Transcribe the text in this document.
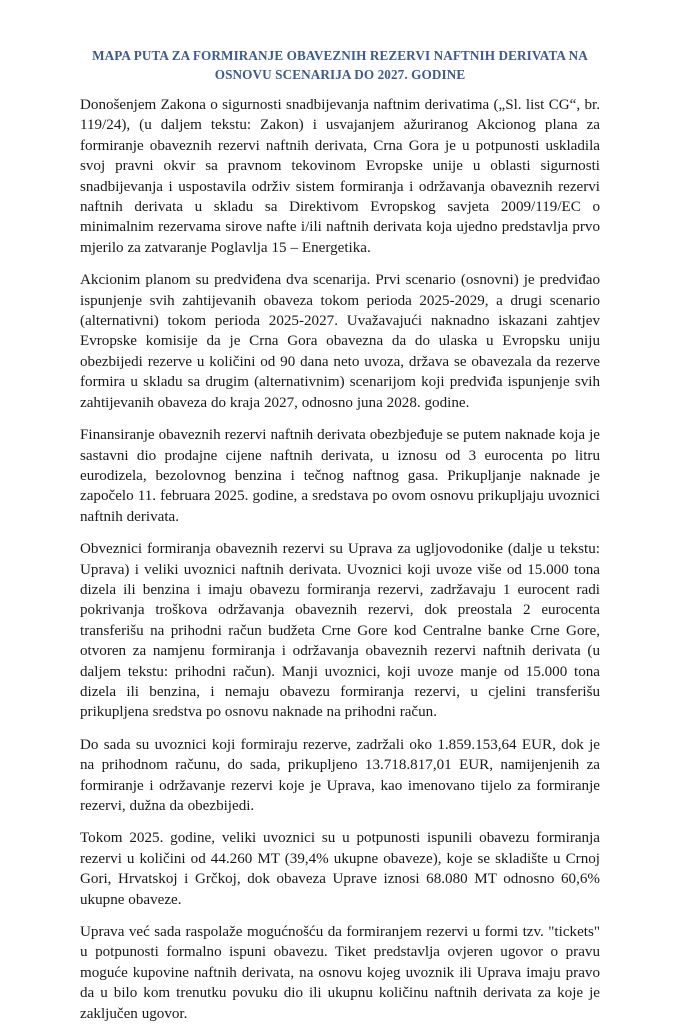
MAPA PUTA ZA FORMIRANJE OBAVEZNIH REZERVI NAFTNIH DERIVATA NA OSNOVU SCENARIJA DO 2027. GODINE

Donošenjem Zakona o sigurnosti snadbijevanja naftnim derivatima („Sl. list CG“, br. 119/24), (u daljem tekstu: Zakon) i usvajanjem ažuriranog Akcionog plana za formiranje obaveznih rezervi naftnih derivata, Crna Gora je u potpunosti uskladila svoj pravni okvir sa pravnom tekovinom Evropske unije u oblasti sigurnosti snadbijevanja i uspostavila održiv sistem formiranja i održavanja obaveznih rezervi naftnih derivata u skladu sa Direktivom Evropskog savjeta 2009/119/EC o minimalnim rezervama sirove nafte i/ili naftnih derivata koja ujedno predstavlja prvo mjerilo za zatvaranje Poglavlja 15 – Energetika.

Akcionim planom su predviđena dva scenarija. Prvi scenario (osnovni) je predviđao ispunjenje svih zahtijevanih obaveza tokom perioda 2025-2029, a drugi scenario (alternativni) tokom perioda 2025-2027. Uvažavajući naknadno iskazani zahtjev Evropske komisije da je Crna Gora obavezna da do ulaska u Evropsku uniju obezbijedi rezerve u količini od 90 dana neto uvoza, država se obavezala da rezerve formira u skladu sa drugim (alternativnim) scenarijom koji predviđa ispunjenje svih zahtijevanih obaveza do kraja 2027, odnosno juna 2028. godine.

Finansiranje obaveznih rezervi naftnih derivata obezbjeđuje se putem naknade koja je sastavni dio prodajne cijene naftnih derivata, u iznosu od 3 eurocenta po litru eurodizela, bezolovnog benzina i tečnog naftnog gasa. Prikupljanje naknade je započelo 11. februara 2025. godine, a sredstava po ovom osnovu prikupljaju uvoznici naftnih derivata.

Obveznici formiranja obaveznih rezervi su Uprava za ugljovodonike (dalje u tekstu: Uprava) i veliki uvoznici naftnih derivata. Uvoznici koji uvoze više od 15.000 tona dizela ili benzina i imaju obavezu formiranja rezervi, zadržavaju 1 eurocent radi pokrivanja troškova održavanja obaveznih rezervi, dok preostala 2 eurocenta transferišu na prihodni račun budžeta Crne Gore kod Centralne banke Crne Gore, otvoren za namjenu formiranja i održavanja obaveznih rezervi naftnih derivata (u daljem tekstu: prihodni račun). Manji uvoznici, koji uvoze manje od 15.000 tona dizela ili benzina, i nemaju obavezu formiranja rezervi, u cjelini transferišu prikupljena sredstva po osnovu naknade na prihodni račun.

Do sada su uvoznici koji formiraju rezerve, zadržali oko 1.859.153,64 EUR, dok je na prihodnom računu, do sada, prikupljeno 13.718.817,01 EUR, namijenjenih za formiranje i održavanje rezervi koje je Uprava, kao imenovano tijelo za formiranje rezervi, dužna da obezbijedi.

Tokom 2025. godine, veliki uvoznici su u potpunosti ispunili obavezu formiranja rezervi u količini od 44.260 MT (39,4% ukupne obaveze), koje se skladište u Crnoj Gori, Hrvatskoj i Grčkoj, dok obaveza Uprave iznosi 68.080 MT odnosno 60,6% ukupne obaveze.

Uprava već sada raspolaže mogućnošću da formiranjem rezervi u formi tzv. "tickets" u potpunosti formalno ispuni obavezu. Tiket predstavlja ovjeren ugovor o pravu moguće kupovine naftnih derivata, na osnovu kojeg uvoznik ili Uprava imaju pravo da u bilo kom trenutku povuku dio ili ukupnu količinu naftnih derivata za koje je zaključen ugovor.
